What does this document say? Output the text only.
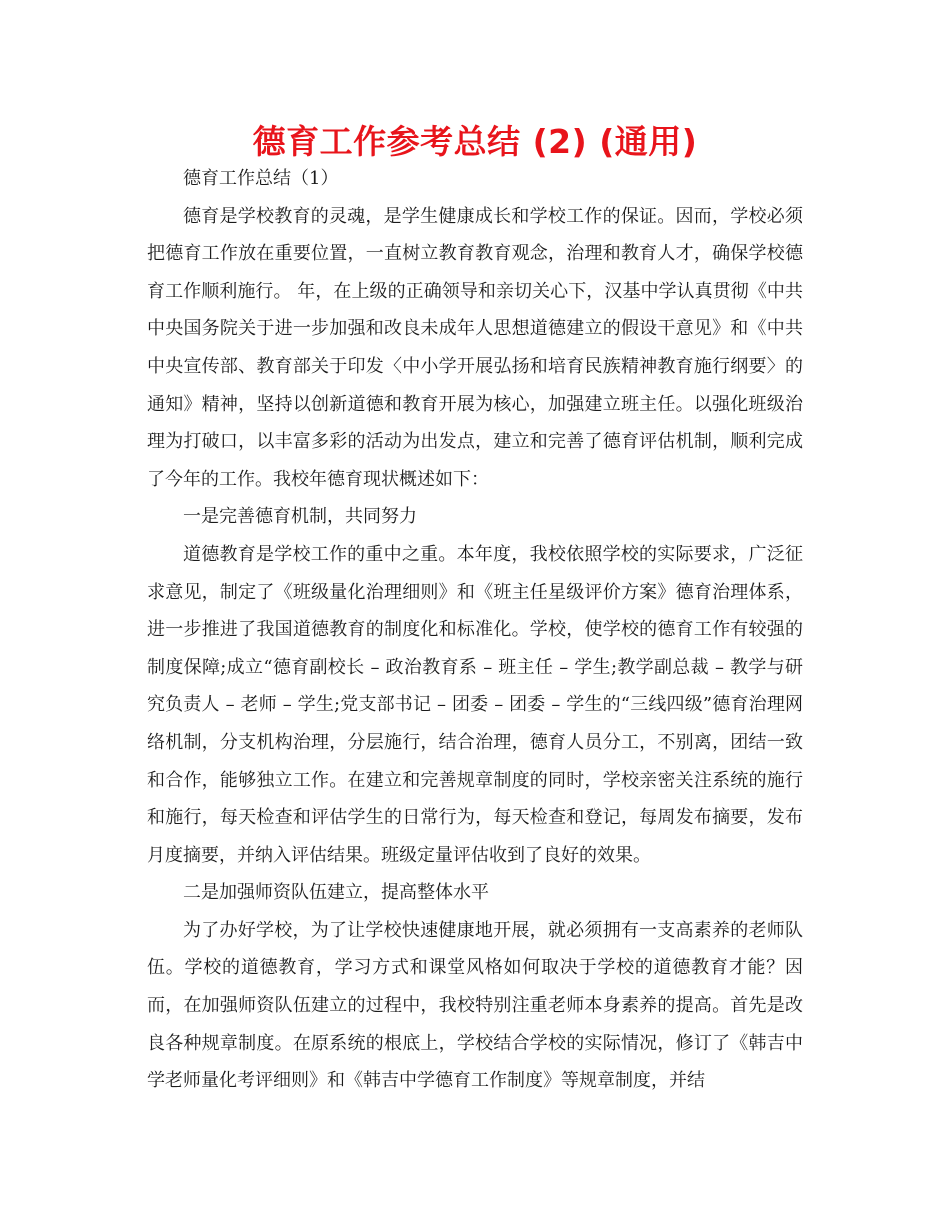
德育工作参考总结 (2) (通用)

德育工作总结（1）

德育是学校教育的灵魂，是学生健康成长和学校工作的保证。因而，学校必须把德育工作放在重要位置，一直树立教育教育观念，治理和教育人才，确保学校德育工作顺利施行。 年，在上级的正确领导和亲切关心下，汉基中学认真贯彻《中共中央国务院关于进一步加强和改良未成年人思想道德建立的假设干意见》和《中共中央宣传部、教育部关于印发〈中小学开展弘扬和培育民族精神教育施行纲要〉的通知》精神，坚持以创新道德和教育开展为核心，加强建立班主任。以强化班级治理为打破口，以丰富多彩的活动为出发点，建立和完善了德育评估机制，顺利完成了今年的工作。我校年德育现状概述如下：

一是完善德育机制，共同努力

道德教育是学校工作的重中之重。本年度，我校依照学校的实际要求，广泛征求意见，制定了《班级量化治理细则》和《班主任星级评价方案》德育治理体系，进一步推进了我国道德教育的制度化和标准化。学校，使学校的德育工作有较强的制度保障;成立“德育副校长 – 政治教育系 – 班主任 – 学生;教学副总裁 – 教学与研究负责人 – 老师 – 学生;党支部书记 – 团委 – 团委 – 学生的“三线四级”德育治理网络机制，分支机构治理，分层施行，结合治理，德育人员分工，不别离，团结一致和合作，能够独立工作。在建立和完善规章制度的同时，学校亲密关注系统的施行和施行，每天检查和评估学生的日常行为，每天检查和登记，每周发布摘要，发布月度摘要，并纳入评估结果。班级定量评估收到了良好的效果。

二是加强师资队伍建立，提高整体水平

为了办好学校，为了让学校快速健康地开展，就必须拥有一支高素养的老师队伍。学校的道德教育，学习方式和课堂风格如何取决于学校的道德教育才能？因而，在加强师资队伍建立的过程中，我校特别注重老师本身素养的提高。首先是改良各种规章制度。在原系统的根底上，学校结合学校的实际情况，修订了《韩吉中学老师量化考评细则》和《韩吉中学德育工作制度》等规章制度，并结
